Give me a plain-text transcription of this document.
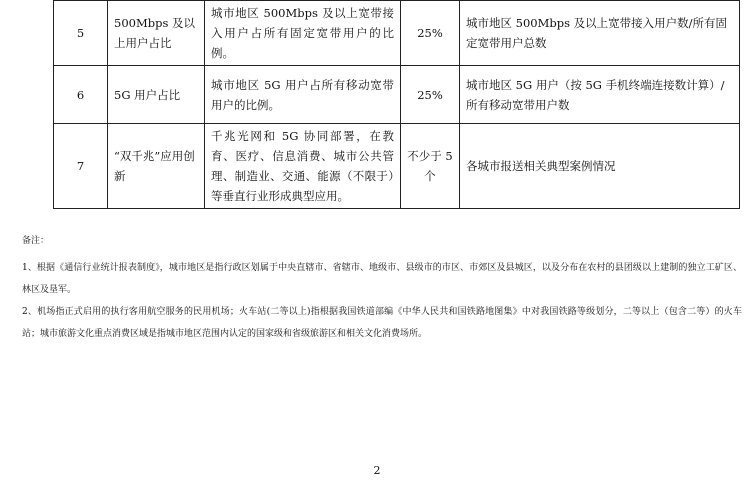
5	500Mbps 及以上用户占比	城市地区 500Mbps 及以上宽带接入用户占所有固定宽带用户的比例。	25%	城市地区 500Mbps 及以上宽带接入用户数/所有固定宽带用户总数
6	5G 用户占比	城市地区 5G 用户占所有移动宽带用户的比例。	25%	城市地区 5G 用户（按 5G 手机终端连接数计算）/所有移动宽带用户数
7	“双千兆”应用创新	千兆光网和 5G 协同部署，在教育、医疗、信息消费、城市公共管理、制造业、交通、能源（不限于）等垂直行业形成典型应用。	不少于 5 个	各城市报送相关典型案例情况

备注：

1、根据《通信行业统计报表制度》，城市地区是指行政区划属于中央直辖市、省辖市、地级市、县级市的市区、市郊区及县城区，以及分布在农村的县团级以上建制的独立工矿区、林区及垦军。

2、机场指正式启用的执行客用航空服务的民用机场；火车站(二等以上)指根据我国铁道部编《中华人民共和国铁路地图集》中对我国铁路等级划分，二等以上（包含二等）的火车站；城市旅游文化重点消费区域是指城市地区范围内认定的国家级和省级旅游区和相关文化消费场所。

2
